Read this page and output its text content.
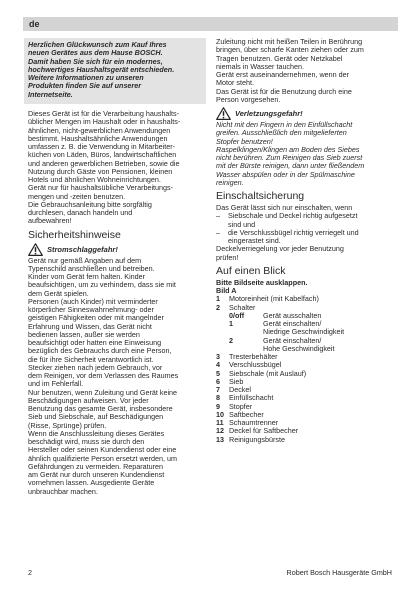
de
Herzlichen Glückwunsch zum Kauf Ihres
neuen Gerätes aus dem Hause BOSCH.
Damit haben Sie sich für ein modernes,
hochwertiges Haushaltsgerät entschieden.
Weitere Informationen zu unseren
Produkten finden Sie auf unserer
Internetseite.
Dieses Gerät ist für die Verarbeitung haushalts-
üblicher Mengen im Haushalt oder in haushalts-
ähnlichen, nicht-gewerblichen Anwendungen
bestimmt. Haushaltsähnliche Anwendungen
umfassen z. B. die Verwendung in Mitarbeiter-
küchen von Läden, Büros, landwirtschaftlichen
und anderen gewerblichen Betrieben, sowie die
Nutzung durch Gäste von Pensionen, kleinen
Hotels und ähnlichen Wohneinrichtungen.
Gerät nur für haushaltsübliche Verarbeitungs-
mengen und -zeiten benutzen.
Die Gebrauchsanleitung bitte sorgfältig
durchlesen, danach handeln und
aufbewahren!
Sicherheitshinweise
Stromschlaggefahr!
Gerät nur gemäß Angaben auf dem
Typenschild anschließen und betreiben.
Kinder vom Gerät fern halten. Kinder
beaufsichtigen, um zu verhindern, dass sie mit
dem Gerät spielen.
Personen (auch Kinder) mit verminderter
körperlicher Sinneswahrnehmung- oder
geistigen Fähigkeiten oder mit mangelnder
Erfahrung und Wissen, das Gerät nicht
bedienen lassen, außer sie werden
beaufsichtigt oder hatten eine Einweisung
bezüglich des Gebrauchs durch eine Person,
die für ihre Sicherheit verantwortlich ist.
Stecker ziehen nach jedem Gebrauch, vor
dem Reinigen, vor dem Verlassen des Raumes
und im Fehlerfall.
Nur benutzen, wenn Zuleitung und Gerät keine
Beschädigungen aufweisen. Vor jeder
Benutzung das gesamte Gerät, insbesondere
Sieb und Siebschale, auf Beschädigungen
(Risse, Sprünge) prüfen.
Wenn die Anschlussleitung dieses Gerätes
beschädigt wird, muss sie durch den
Hersteller oder seinen Kundendienst oder eine
ähnlich qualifizierte Person ersetzt werden, um
Gefährdungen zu vermeiden. Reparaturen
am Gerät nur durch unseren Kundendienst
vornehmen lassen. Ausgediente Geräte
unbrauchbar machen.
Zuleitung nicht mit heißen Teilen in Berührung
bringen, über scharfe Kanten ziehen oder zum
Tragen benutzen. Gerät oder Netzkabel
niemals in Wasser tauchen.
Gerät erst auseinandernehmen, wenn der
Motor steht.
Das Gerät ist für die Benutzung durch eine
Person vorgesehen.
Verletzungsgefahr!
Nicht mit den Fingern in den Einfüllschacht
greifen. Ausschließlich den mitgelieferten
Stopfer benutzen!
Raspelklingen/Klingen am Boden des Siebes
nicht berühren. Zum Reinigen das Sieb zuerst
mit der Bürste reinigen, dann unter fließendem
Wasser abspülen oder in der Spülmaschine
reinigen.
Einschaltsicherung
Das Gerät lässt sich nur einschalten, wenn
–	Siebschale und Deckel richtig aufgesetzt
sind und
–	die Verschlussbügel richtig verriegelt und
eingerastet sind.
Deckelverriegelung vor jeder Benutzung
prüfen!
Auf einen Blick
Bitte Bildseite ausklappen.
Bild A
1	Motoreinheit (mit Kabelfach)
2	Schalter
0/off	Gerät ausschalten
1	Gerät einschalten/
Niedrige Geschwindigkeit
2	Gerät einschalten/
Hohe Geschwindigkeit
3	Tresterbehälter
4	Verschlussbügel
5	Siebschale (mit Auslauf)
6	Sieb
7	Deckel
8	Einfüllschacht
9	Stopfer
10 Saftbecher
11 Schaumtrenner
12 Deckel für Saftbecher
13 Reinigungsbürste
2	Robert Bosch Hausgeräte GmbH
